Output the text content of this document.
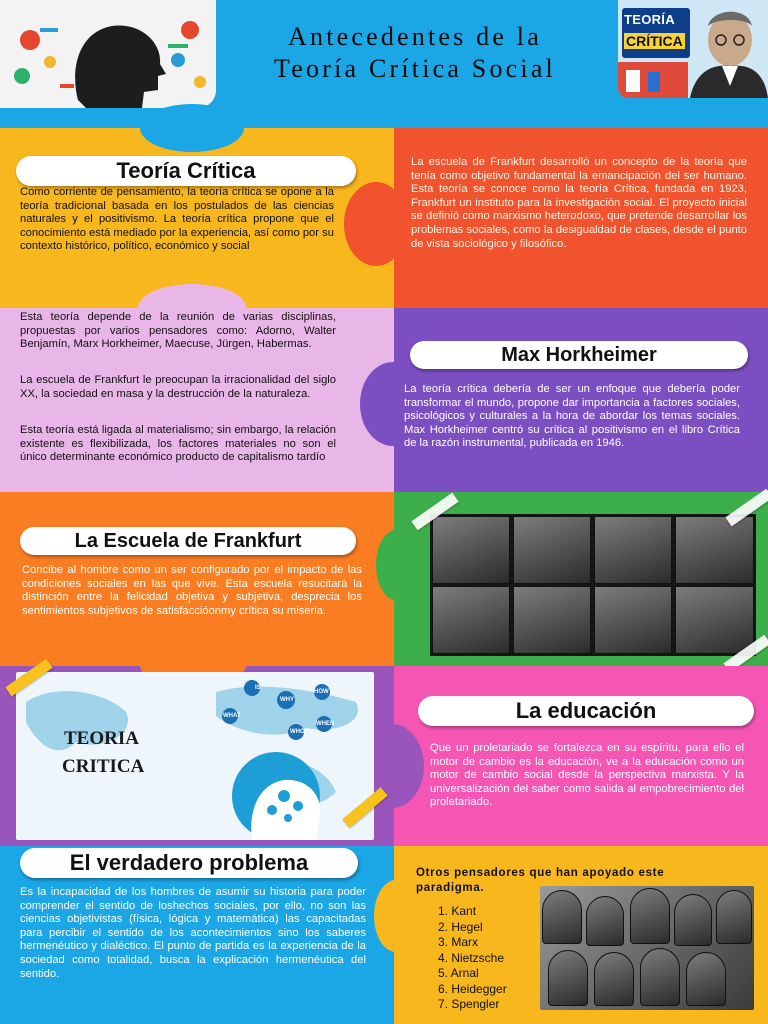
Antecedentes de la
Teoría Crítica Social
TEORÍA
CRÍTICA
Teoría Crítica
Como corriente de pensamiento, la teoría crítica se opone a la teoría tradicional basada en los postulados de las ciencias naturales y el positivismo. La teoría crítica propone que el conocimiento está mediado por la experiencia, así como por su contexto histórico, político, económico y social
La escuela de Frankfurt desarrolló un concepto de la teoría que tenía como objetivo fundamental la emancipación del ser humano. Esta teoría se conoce como la teoría Crítica, fundada en 1923, Frankfurt un instituto para la investigación social. El proyecto inicial se definió como marxismo heterodoxo, que pretende desarrollar los problemas sociales, como la desigualdad de clases, desde el punto de vista sociológico y filosófico.
Esta teoría depende de la reunión de varias disciplinas, propuestas por varios pensadores como: Adorno, Walter Benjamín, Marx Horkheimer, Maecuse, Jürgen, Habermas.
La escuela de Frankfurt le preocupan la irracionalidad del siglo XX, la sociedad en masa y la destrucción de la naturaleza.
Esta teoría está ligada al materialismo; sin embargo, la relación existente es flexibilizada, los factores materiales no son el único determinante económico producto de capitalismo tardío
Max Horkheimer
La teoría crítica debería de ser un enfoque que debería poder transformar el mundo, propone dar importancia a factores sociales, psicológicos y culturales a la hora de abordar los temas sociales. Max Horkheimer centró su crítica al positivismo en el libro Crítica de la razón instrumental, publicada en 1946.
La Escuela de Frankfurt
Concibe al hombre como un ser configurado por el impacto de las condiciones sociales en las que vive. Esta escuela resucitará la distinción entre la felicidad objetiva y subjetiva, desprecia los sentimientos subjetivos de satisfaccióonmy crítica su miseria.
IS
WHAT
WHY
HOW
WHEN
WHO
TEORIA
CRITICA
La educación
Que un proletariado se fortalezca en su espíritu, para ello el motor de cambio es la educación, ve a la educación como un motor de cambio social desde la perspectiva marxista. Y la universalización del saber como salida al empobrecimiento del proletariado.
El verdadero problema
Es la incapacidad de los hombres de asumir su historia para poder comprender el sentido de loshechos sociales, por ello, no son las ciencias objetivistas (física, lógica y matemática) las capacitadas para percibir el sentido de los acontecimientos sino los saberes hermenéutico y dialéctico. El punto de partida es la experiencia de la sociedad como totalidad, busca la explicación hermenéutica del sentido.
Otros pensadores que han apoyado este paradigma.
1. Kant
2. Hegel
3. Marx
4. Nietzsche
5. Arnal
6. Heidegger
7. Spengler
